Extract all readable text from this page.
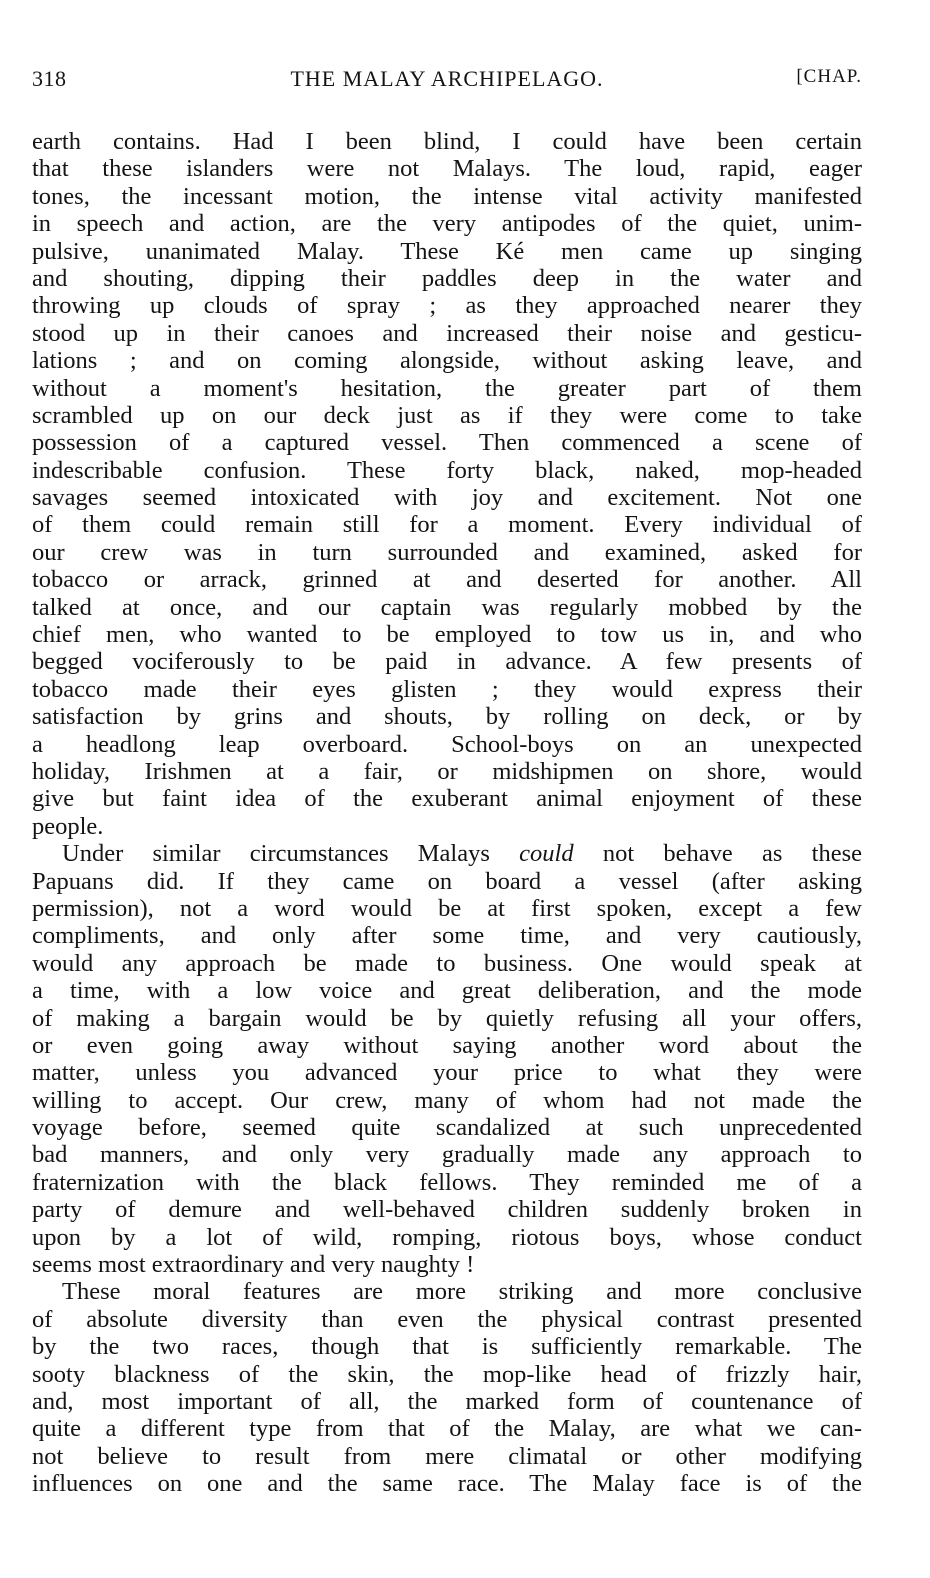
318	THE MALAY ARCHIPELAGO.	[CHAP.
earth contains. Had I been blind, I could have been certain
that these islanders were not Malays. The loud, rapid, eager
tones, the incessant motion, the intense vital activity manifested
in speech and action, are the very antipodes of the quiet, unim-
pulsive, unanimated Malay. These Ké men came up singing
and shouting, dipping their paddles deep in the water and
throwing up clouds of spray ; as they approached nearer they
stood up in their canoes and increased their noise and gesticu-
lations ; and on coming alongside, without asking leave, and
without a moment's hesitation, the greater part of them
scrambled up on our deck just as if they were come to take
possession of a captured vessel. Then commenced a scene of
indescribable confusion. These forty black, naked, mop-headed
savages seemed intoxicated with joy and excitement. Not one
of them could remain still for a moment. Every individual of
our crew was in turn surrounded and examined, asked for
tobacco or arrack, grinned at and deserted for another. All
talked at once, and our captain was regularly mobbed by the
chief men, who wanted to be employed to tow us in, and who
begged vociferously to be paid in advance. A few presents of
tobacco made their eyes glisten ; they would express their
satisfaction by grins and shouts, by rolling on deck, or by
a headlong leap overboard. School-boys on an unexpected
holiday, Irishmen at a fair, or midshipmen on shore, would
give but faint idea of the exuberant animal enjoyment of these
people.
Under similar circumstances Malays could not behave as these
Papuans did. If they came on board a vessel (after asking
permission), not a word would be at first spoken, except a few
compliments, and only after some time, and very cautiously,
would any approach be made to business. One would speak at
a time, with a low voice and great deliberation, and the mode
of making a bargain would be by quietly refusing all your offers,
or even going away without saying another word about the
matter, unless you advanced your price to what they were
willing to accept. Our crew, many of whom had not made the
voyage before, seemed quite scandalized at such unprecedented
bad manners, and only very gradually made any approach to
fraternization with the black fellows. They reminded me of a
party of demure and well-behaved children suddenly broken in
upon by a lot of wild, romping, riotous boys, whose conduct
seems most extraordinary and very naughty !
These moral features are more striking and more conclusive
of absolute diversity than even the physical contrast presented
by the two races, though that is sufficiently remarkable. The
sooty blackness of the skin, the mop-like head of frizzly hair,
and, most important of all, the marked form of countenance of
quite a different type from that of the Malay, are what we can-
not believe to result from mere climatal or other modifying
influences on one and the same race. The Malay face is of the
